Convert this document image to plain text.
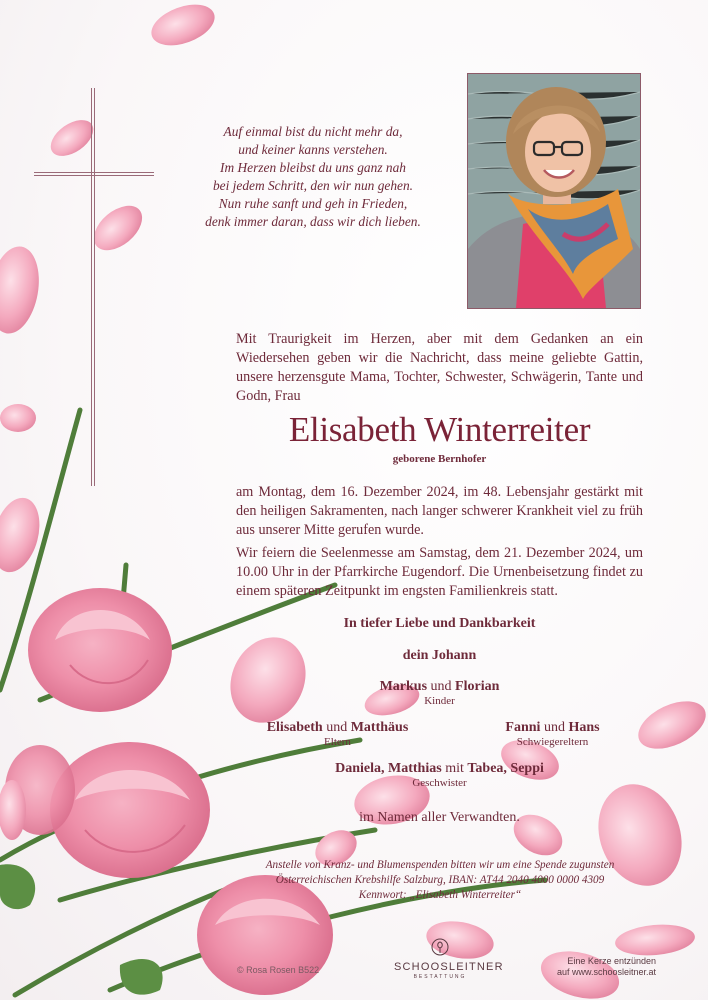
Auf einmal bist du nicht mehr da,
und keiner kanns verstehen.
Im Herzen bleibst du uns ganz nah
bei jedem Schritt, den wir nun gehen.
Nun ruhe sanft und geh in Frieden,
denk immer daran, dass wir dich lieben.
Mit Traurigkeit im Herzen, aber mit dem Gedanken an ein Wiedersehen geben wir die Nachricht, dass meine geliebte Gattin, unsere herzensgute Mama, Tochter, Schwester, Schwägerin, Tante und Godn, Frau
Elisabeth Winterreiter
geborene Bernhofer
am Montag, dem 16. Dezember 2024, im 48. Lebensjahr gestärkt mit den heiligen Sakramenten, nach langer schwerer Krankheit viel zu früh aus unserer Mitte gerufen wurde.
Wir feiern die Seelenmesse am Samstag, dem 21. Dezember 2024, um 10.00 Uhr in der Pfarrkirche Eugendorf. Die Urnenbeisetzung findet zu einem späteren Zeitpunkt im engsten Familienkreis statt.
In tiefer Liebe und Dankbarkeit
dein Johann
Markus und Florian
Kinder
Elisabeth und Matthäus
Eltern
Fanni und Hans
Schwiegereltern
Daniela, Matthias mit Tabea, Seppi
Geschwister
im Namen aller Verwandten.
Anstelle von Kranz- und Blumenspenden bitten wir um eine Spende zugunsten
Österreichischen Krebshilfe Salzburg, IBAN: AT44 2040 4000 0000 4309
Kennwort: „Elisabeth Winterreiter“
© Rosa Rosen B522	SCHOOSLEITNER
BESTATTUNG
Eine Kerze entzünden
auf www.schoosleitner.at
